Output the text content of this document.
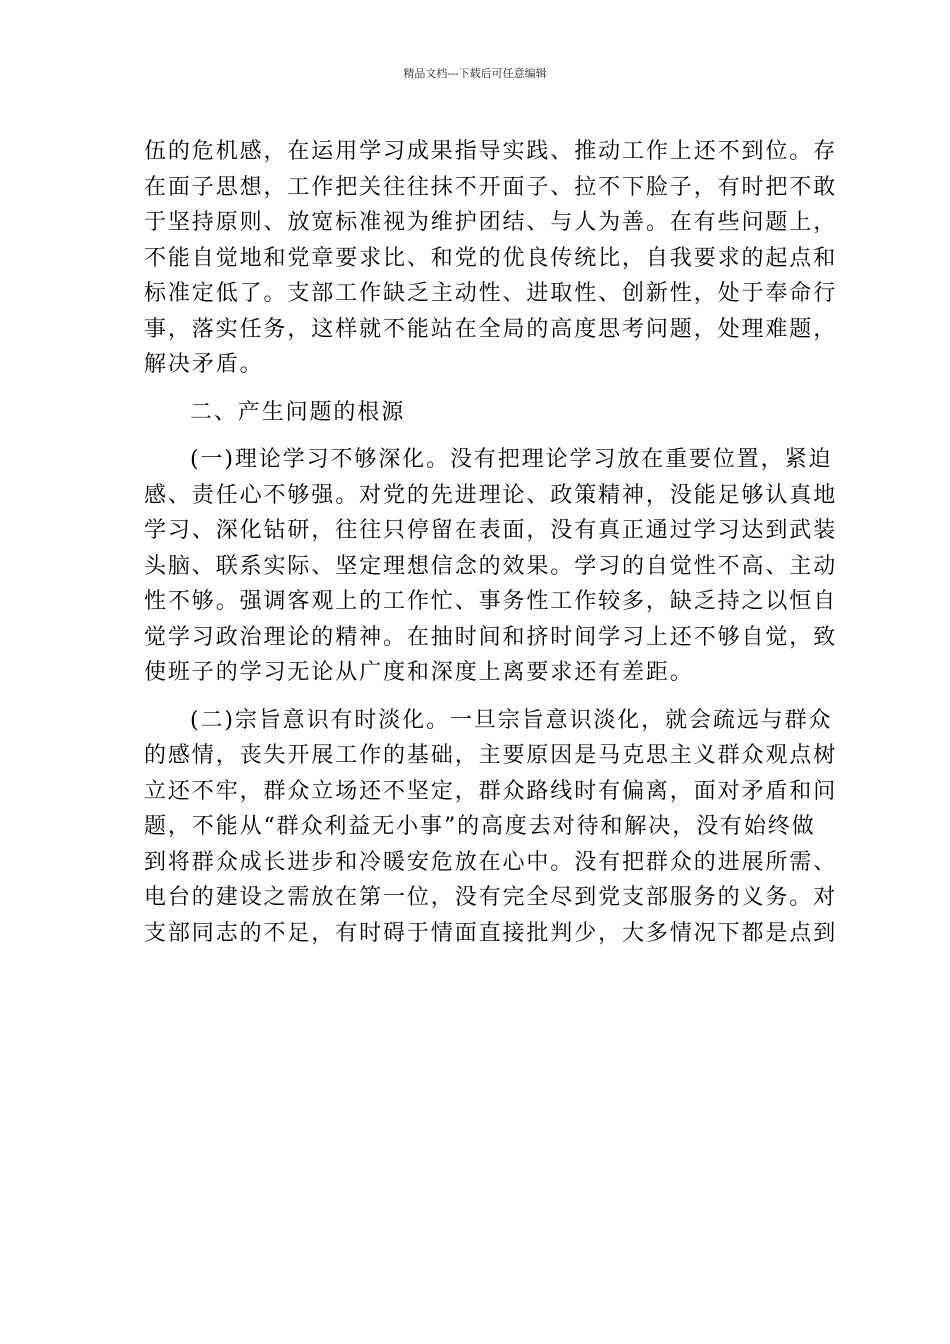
精品文档---下载后可任意编辑
伍的危机感，在运用学习成果指导实践、推动工作上还不到位。存
在面子思想，工作把关往往抹不开面子、拉不下脸子，有时把不敢
于坚持原则、放宽标准视为维护团结、与人为善。在有些问题上，
不能自觉地和党章要求比、和党的优良传统比，自我要求的起点和
标准定低了。支部工作缺乏主动性、进取性、创新性，处于奉命行
事，落实任务，这样就不能站在全局的高度思考问题，处理难题，
解决矛盾。
二、产生问题的根源
(一)理论学习不够深化。没有把理论学习放在重要位置，紧迫
感、责任心不够强。对党的先进理论、政策精神，没能足够认真地
学习、深化钻研，往往只停留在表面，没有真正通过学习达到武装
头脑、联系实际、坚定理想信念的效果。学习的自觉性不高、主动
性不够。强调客观上的工作忙、事务性工作较多，缺乏持之以恒自
觉学习政治理论的精神。在抽时间和挤时间学习上还不够自觉，致
使班子的学习无论从广度和深度上离要求还有差距。
(二)宗旨意识有时淡化。一旦宗旨意识淡化，就会疏远与群众
的感情，丧失开展工作的基础，主要原因是马克思主义群众观点树
立还不牢，群众立场还不坚定，群众路线时有偏离，面对矛盾和问
题，不能从“群众利益无小事”的高度去对待和解决，没有始终做
到将群众成长进步和冷暖安危放在心中。没有把群众的进展所需、
电台的建设之需放在第一位，没有完全尽到党支部服务的义务。对
支部同志的不足，有时碍于情面直接批判少，大多情况下都是点到
